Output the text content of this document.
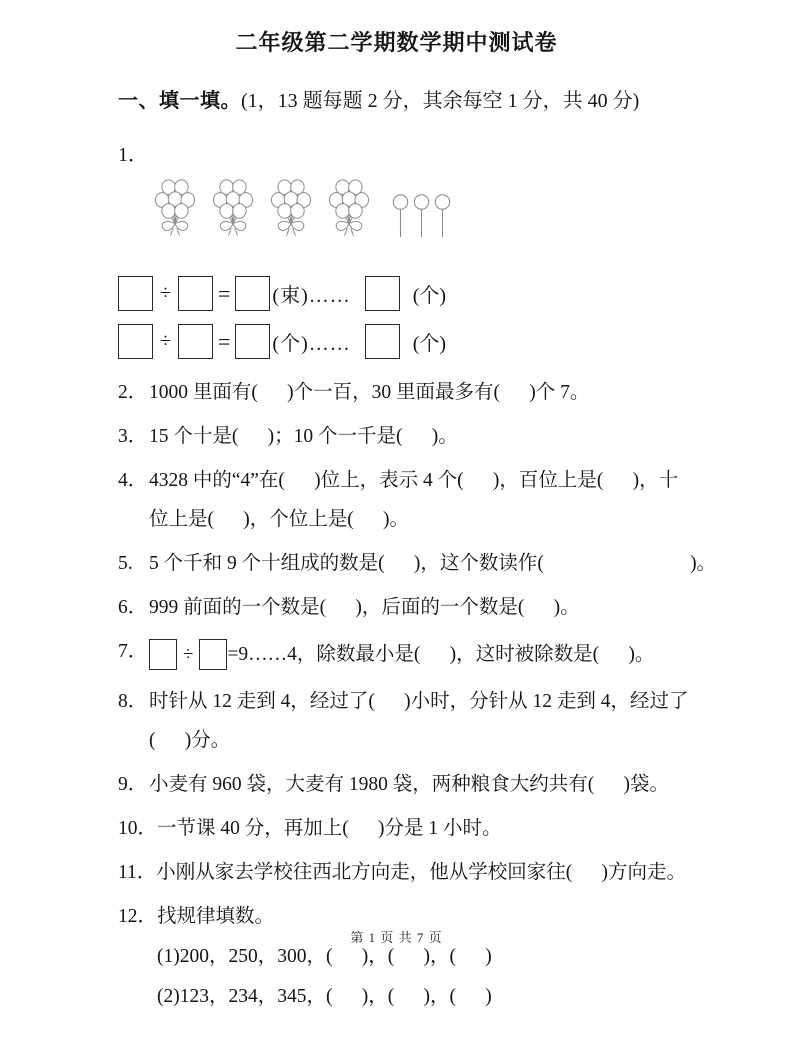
二年级第二学期数学期中测试卷
一、填一填。(1，13 题每题 2 分，其余每空 1 分，共 40 分)
1．
÷ = (束)……	(个)
÷ = (个)……	(个)
2． 1000 里面有(      )个一百，30 里面最多有(      )个 7。
3． 15 个十是(      )；10 个一千是(      )。
4． 4328 中的“4”在(      )位上，表示 4 个(      )，百位上是(      )，十
位上是(      )，个位上是(      )。
5. 5 个千和 9 个十组成的数是(      )，这个数读作(                              )。
6． 999 前面的一个数是(      )，后面的一个数是(      )。
7． ÷ =9……4，除数最小是(      )，这时被除数是(      )。
8． 时针从 12 走到 4，经过了(      )小时，分针从 12 走到 4，经过了
(      )分。
9． 小麦有 960 袋，大麦有 1980 袋，两种粮食大约共有(      )袋。
10． 一节课 40 分，再加上(      )分是 1 小时。
11． 小刚从家去学校往西北方向走，他从学校回家往(      )方向走。
12． 找规律填数。
(1)200，250，300，(      )，(      )，(      )
(2)123，234，345，(      )，(      )，(      )
第 1 页 共 7 页
